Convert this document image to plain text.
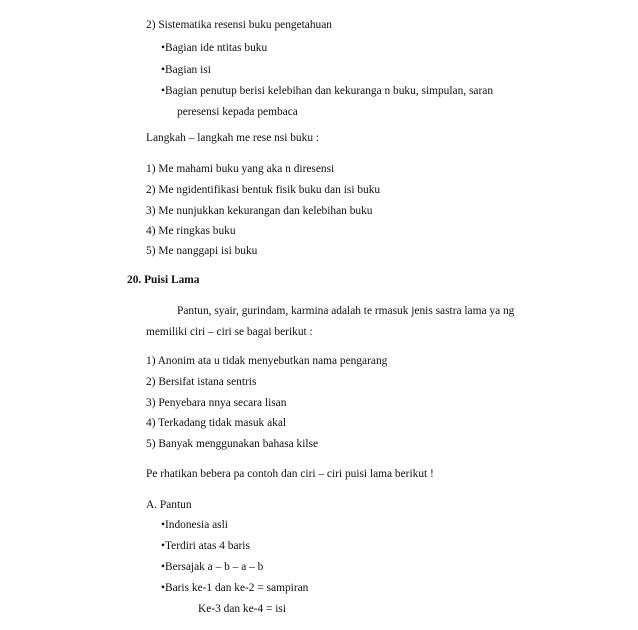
2) Sistematika resensi buku pengetahuan
•Bagian ide ntitas buku
•Bagian isi
•Bagian penutup berisi kelebihan dan kekuranga n buku, simpulan, saran
peresensi kepada pembaca
Langkah – langkah me rese nsi buku :
1) Me mahami buku yang aka n diresensi
2) Me ngidentifikasi bentuk fisik buku dan isi buku
3) Me nunjukkan kekurangan dan kelebihan buku
4) Me ringkas buku
5) Me nanggapi isi buku
20. Puisi Lama
Pantun, syair, gurindam, karmina adalah te rmasuk jenis sastra lama ya ng
memiliki ciri – ciri se bagai berikut :
1) Anonim ata u tidak menyebutkan nama pengarang
2) Bersifat istana sentris
3) Penyebara nnya secara lisan
4) Terkadang tidak masuk akal
5) Banyak menggunakan bahasa kilse
Pe rhatikan bebera pa contoh dan ciri – ciri puisi lama berikut !
A. Pantun
•Indonesia asli
•Terdiri atas 4 baris
•Bersajak a – b – a – b
•Baris ke-1 dan ke-2 = sampiran
Ke-3 dan ke-4 = isi
